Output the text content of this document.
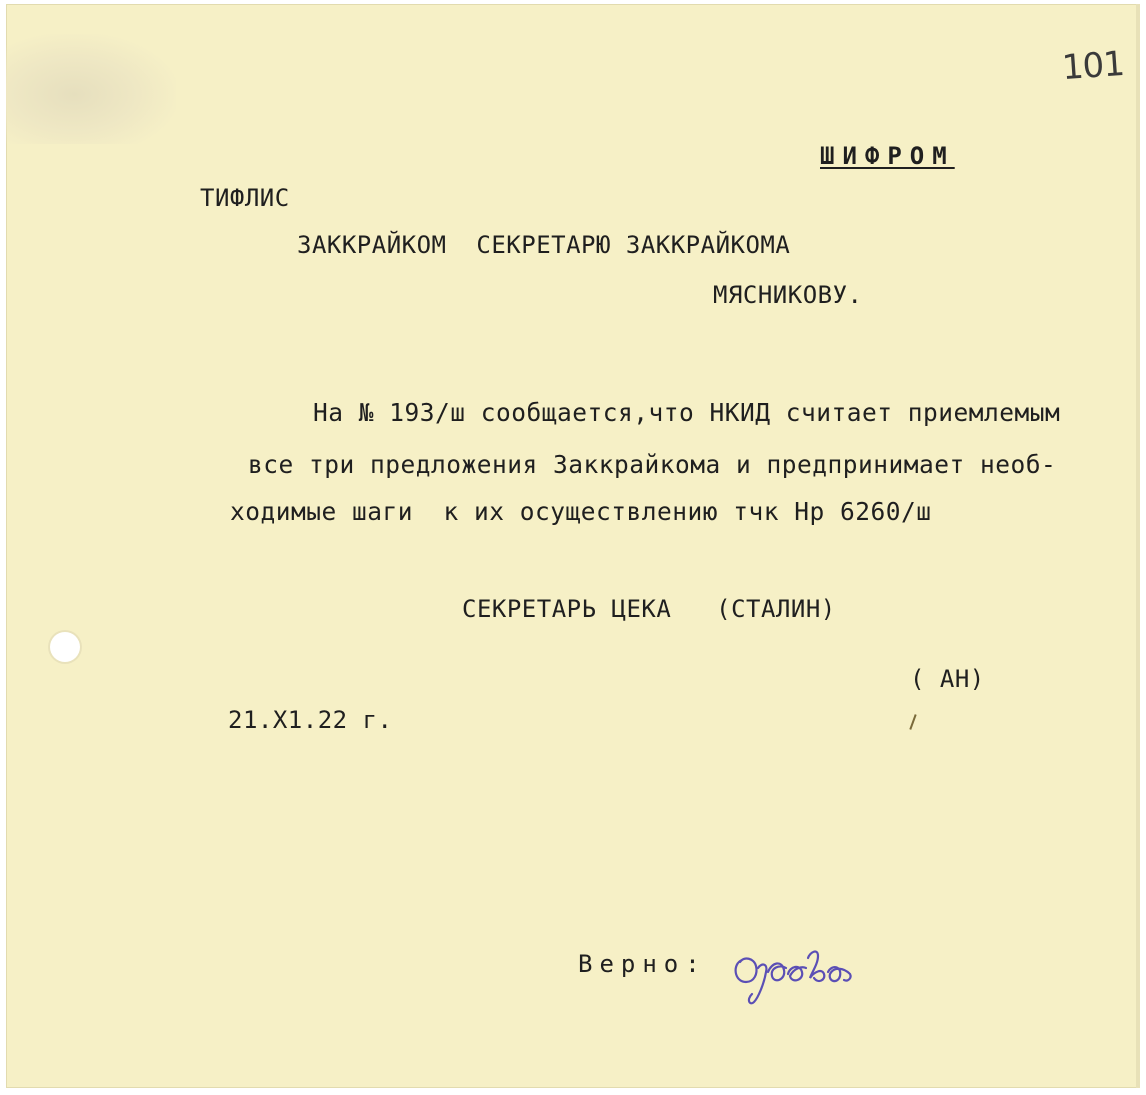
101
ШИФРОМ
ТИФЛИС
ЗАККРАЙКОМ  СЕКРЕТАРЮ ЗАККРАЙКОМА
МЯСНИКОВУ.
На № 193/ш сообщается,что НКИД считает приемлемым
все три предложения Заккрайкома и предпринимает необ-
ходимые шаги  к их осуществлению тчк Нр 6260/ш
СЕКРЕТАРЬ ЦЕКА   (СТАЛИН)
( АН)
21.Х1.22 г.
Верно:
